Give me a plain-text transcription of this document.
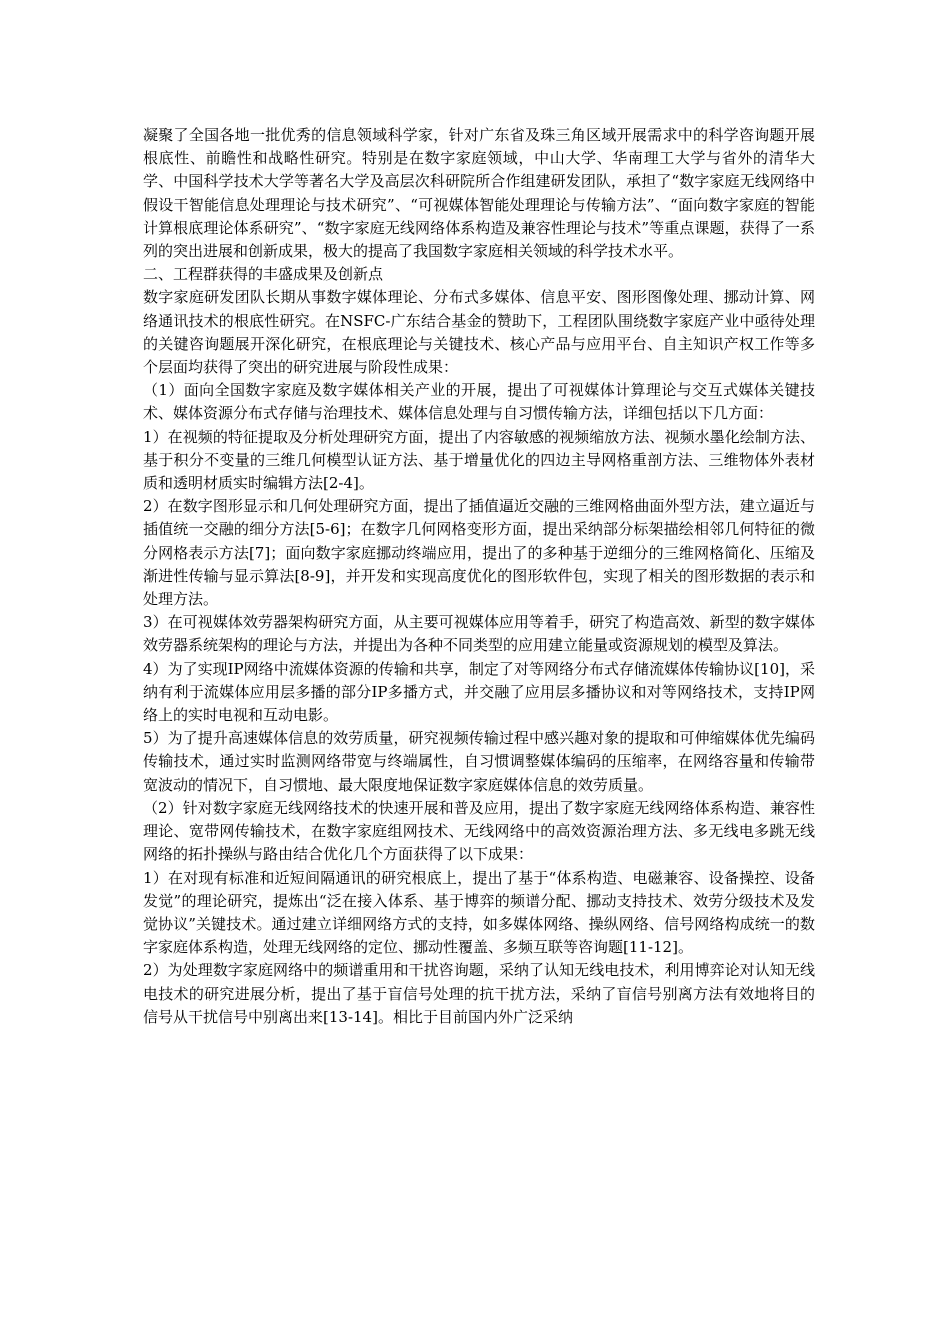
凝聚了全国各地一批优秀的信息领域科学家，针对广东省及珠三角区域开展需求中的科学咨询题开展根底性、前瞻性和战略性研究。特别是在数字家庭领域，中山大学、华南理工大学与省外的清华大学、中国科学技术大学等著名大学及高层次科研院所合作组建研发团队，承担了“数字家庭无线网络中假设干智能信息处理理论与技术研究”、“可视媒体智能处理理论与传输方法”、“面向数字家庭的智能计算根底理论体系研究”、“数字家庭无线网络体系构造及兼容性理论与技术”等重点课题，获得了一系列的突出进展和创新成果，极大的提高了我国数字家庭相关领域的科学技术水平。

二、工程群获得的丰盛成果及创新点

数字家庭研发团队长期从事数字媒体理论、分布式多媒体、信息平安、图形图像处理、挪动计算、网络通讯技术的根底性研究。在NSFC-广东结合基金的赞助下，工程团队围绕数字家庭产业中亟待处理的关键咨询题展开深化研究，在根底理论与关键技术、核心产品与应用平台、自主知识产权工作等多个层面均获得了突出的研究进展与阶段性成果：

（1）面向全国数字家庭及数字媒体相关产业的开展，提出了可视媒体计算理论与交互式媒体关键技术、媒体资源分布式存储与治理技术、媒体信息处理与自习惯传输方法，详细包括以下几方面：

1）在视频的特征提取及分析处理研究方面，提出了内容敏感的视频缩放方法、视频水墨化绘制方法、基于积分不变量的三维几何模型认证方法、基于增量优化的四边主导网格重剖方法、三维物体外表材质和透明材质实时编辑方法[2-4]。

2）在数字图形显示和几何处理研究方面，提出了插值逼近交融的三维网格曲面外型方法，建立逼近与插值统一交融的细分方法[5-6]；在数字几何网格变形方面，提出采纳部分标架描绘相邻几何特征的微分网格表示方法[7]；面向数字家庭挪动终端应用，提出了的多种基于逆细分的三维网格简化、压缩及渐进性传输与显示算法[8-9]，并开发和实现高度优化的图形软件包，实现了相关的图形数据的表示和处理方法。

3）在可视媒体效劳器架构研究方面，从主要可视媒体应用等着手，研究了构造高效、新型的数字媒体效劳器系统架构的理论与方法，并提出为各种不同类型的应用建立能量或资源规划的模型及算法。

4）为了实现IP网络中流媒体资源的传输和共享，制定了对等网络分布式存储流媒体传输协议[10]，采纳有利于流媒体应用层多播的部分IP多播方式，并交融了应用层多播协议和对等网络技术，支持IP网络上的实时电视和互动电影。

5）为了提升高速媒体信息的效劳质量，研究视频传输过程中感兴趣对象的提取和可伸缩媒体优先编码传输技术，通过实时监测网络带宽与终端属性，自习惯调整媒体编码的压缩率，在网络容量和传输带宽波动的情况下，自习惯地、最大限度地保证数字家庭媒体信息的效劳质量。

（2）针对数字家庭无线网络技术的快速开展和普及应用，提出了数字家庭无线网络体系构造、兼容性理论、宽带网传输技术，在数字家庭组网技术、无线网络中的高效资源治理方法、多无线电多跳无线网络的拓扑操纵与路由结合优化几个方面获得了以下成果：

1）在对现有标准和近短间隔通讯的研究根底上，提出了基于“体系构造、电磁兼容、设备操控、设备发觉”的理论研究，提炼出“泛在接入体系、基于博弈的频谱分配、挪动支持技术、效劳分级技术及发觉协议”关键技术。通过建立详细网络方式的支持，如多媒体网络、操纵网络、信号网络构成统一的数字家庭体系构造，处理无线网络的定位、挪动性覆盖、多频互联等咨询题[11-12]。

2）为处理数字家庭网络中的频谱重用和干扰咨询题，采纳了认知无线电技术，利用博弈论对认知无线电技术的研究进展分析，提出了基于盲信号处理的抗干扰方法，采纳了盲信号别离方法有效地将目的信号从干扰信号中别离出来[13-14]。相比于目前国内外广泛采纳
